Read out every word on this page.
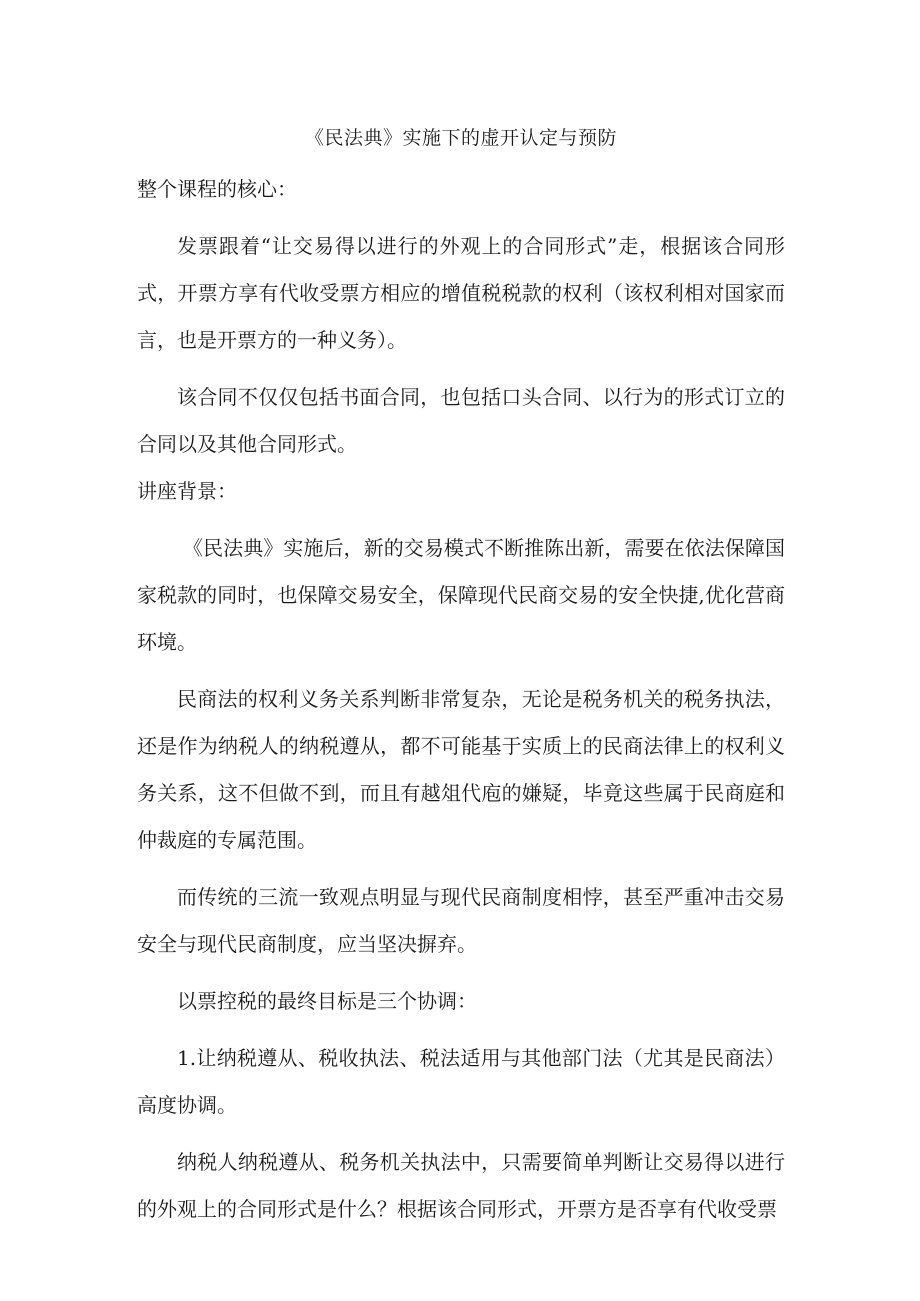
《民法典》实施下的虚开认定与预防

整个课程的核心：

发票跟着“让交易得以进行的外观上的合同形式”走，根据该合同形式，开票方享有代收受票方相应的增值税税款的权利（该权利相对国家而言，也是开票方的一种义务）。

该合同不仅仅包括书面合同，也包括口头合同、以行为的形式订立的合同以及其他合同形式。

讲座背景：

《民法典》实施后，新的交易模式不断推陈出新，需要在依法保障国家税款的同时，也保障交易安全，保障现代民商交易的安全快捷,优化营商环境。

民商法的权利义务关系判断非常复杂，无论是税务机关的税务执法，还是作为纳税人的纳税遵从，都不可能基于实质上的民商法律上的权利义务关系，这不但做不到，而且有越俎代庖的嫌疑，毕竟这些属于民商庭和仲裁庭的专属范围。

而传统的三流一致观点明显与现代民商制度相悖，甚至严重冲击交易安全与现代民商制度，应当坚决摒弃。

以票控税的最终目标是三个协调：

1.让纳税遵从、税收执法、税法适用与其他部门法（尤其是民商法）高度协调。

纳税人纳税遵从、税务机关执法中，只需要简单判断让交易得以进行的外观上的合同形式是什么？根据该合同形式，开票方是否享有代收受票
